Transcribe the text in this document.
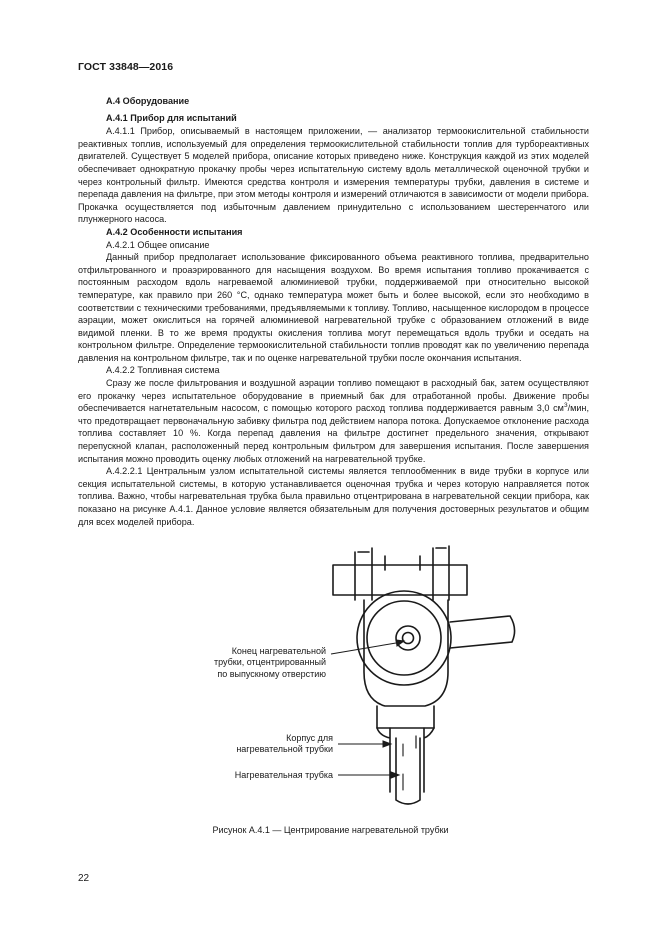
ГОСТ 33848—2016

А.4 Оборудование

А.4.1 Прибор для испытаний

А.4.1.1 Прибор, описываемый в настоящем приложении, — анализатор термоокислительной стабильности реактивных топлив, используемый для определения термоокислительной стабильности топлив для турбореактивных двигателей. Существует 5 моделей прибора, описание которых приведено ниже. Конструкция каждой из этих моделей обеспечивает однократную прокачку пробы через испытательную систему вдоль металлической оценочной трубки и через контрольный фильтр. Имеются средства контроля и измерения температуры трубки, давления в системе и перепада давления на фильтре, при этом методы контроля и измерений отличаются в зависимости от модели прибора. Прокачка осуществляется под избыточным давлением принудительно с использованием шестеренчатого или плунжерного насоса.

А.4.2 Особенности испытания

А.4.2.1 Общее описание

Данный прибор предполагает использование фиксированного объема реактивного топлива, предварительно отфильтрованного и проаэрированного для насыщения воздухом. Во время испытания топливо прокачивается с постоянным расходом вдоль нагреваемой алюминиевой трубки, поддерживаемой при относительно высокой температуре, как правило при 260 °С, однако температура может быть и более высокой, если это необходимо в соответствии с техническими требованиями, предъявляемыми к топливу. Топливо, насыщенное кислородом в процессе аэрации, может окислиться на горячей алюминиевой нагревательной трубке с образованием отложений в виде видимой пленки. В то же время продукты окисления топлива могут перемещаться вдоль трубки и оседать на контрольном фильтре. Определение термоокислительной стабильности топлив проводят как по увеличению перепада давления на контрольном фильтре, так и по оценке нагревательной трубки после окончания испытания.

А.4.2.2 Топливная система

Сразу же после фильтрования и воздушной аэрации топливо помещают в расходный бак, затем осуществляют его прокачку через испытательное оборудование в приемный бак для отработанной пробы. Движение пробы обеспечивается нагнетательным насосом, с помощью которого расход топлива поддерживается равным 3,0 $см^3$/мин, что предотвращает первоначальную забивку фильтра под действием напора потока. Допускаемое отклонение расхода топлива составляет 10 %. Когда перепад давления на фильтре достигнет предельного значения, открывают перепускной клапан, расположенный перед контрольным фильтром для завершения испытания. После завершения испытания можно проводить оценку любых отложений на нагревательной трубке.

А.4.2.2.1 Центральным узлом испытательной системы является теплообменник в виде трубки в корпусе или секция испытательной системы, в которую устанавливается оценочная трубка и через которую направляется поток топлива. Важно, чтобы нагревательная трубка была правильно отцентрирована в нагревательной секции прибора, как показано на рисунке А.4.1. Данное условие является обязательным для получения достоверных результатов и общим для всех моделей прибора.

Конец нагревательной
трубки, отцентрированный
по выпускному отверстию
Корпус для
нагревательной трубки
Нагревательная трубка
Рисунок А.4.1 — Центрирование нагревательной трубки
22
